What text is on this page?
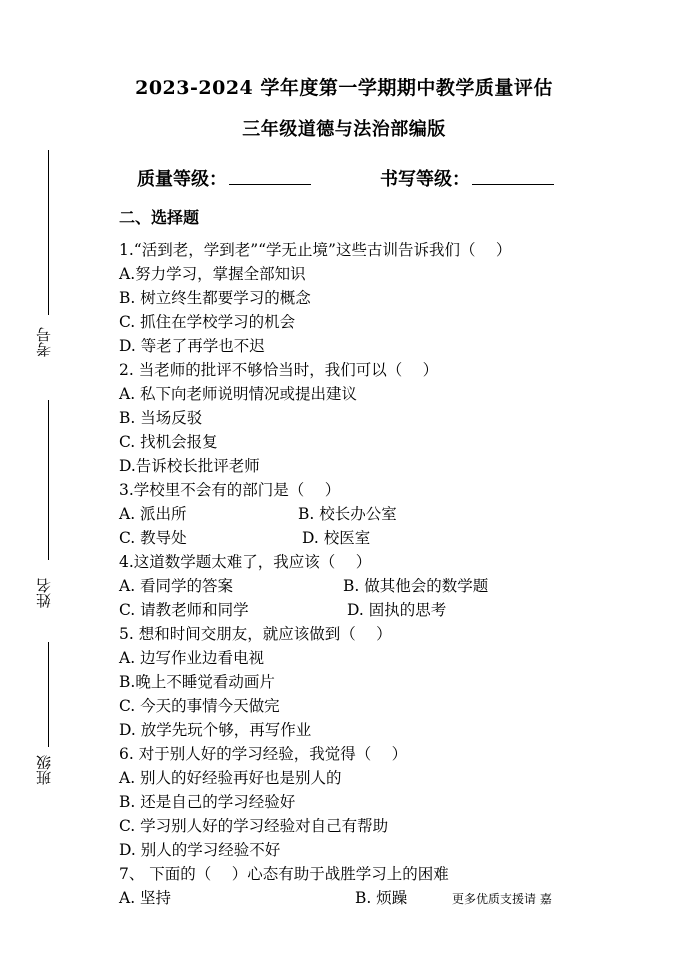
考号
姓名
班级
2023-2024 学年度第一学期期中教学质量评估
三年级道德与法治部编版
质量等级：	书写等级：
二、选择题
1.“活到老，学到老”“学无止境”这些古训告诉我们（　 ）
A.努力学习，掌握全部知识
B. 树立终生都要学习的概念
C. 抓住在学校学习的机会
D. 等老了再学也不迟
2. 当老师的批评不够恰当时，我们可以（　 ）
A. 私下向老师说明情况或提出建议
B. 当场反驳
C. 找机会报复
D.告诉校长批评老师
3.学校里不会有的部门是（　 ）
A. 派出所	B. 校长办公室
C. 教导处	D. 校医室
4.这道数学题太难了，我应该（　 ）
A. 看同学的答案	B. 做其他会的数学题
C. 请教老师和同学	D. 固执的思考
5. 想和时间交朋友，就应该做到（　 ）
A. 边写作业边看电视
B.晚上不睡觉看动画片
C. 今天的事情今天做完
D. 放学先玩个够，再写作业
6. 对于别人好的学习经验，我觉得（　 ）
A. 别人的好经验再好也是别人的
B. 还是自己的学习经验好
C. 学习别人好的学习经验对自己有帮助
D. 别人的学习经验不好
7、 下面的（　 ）心态有助于战胜学习上的困难
A. 坚持	B. 烦躁	更多优质支援请 嘉
